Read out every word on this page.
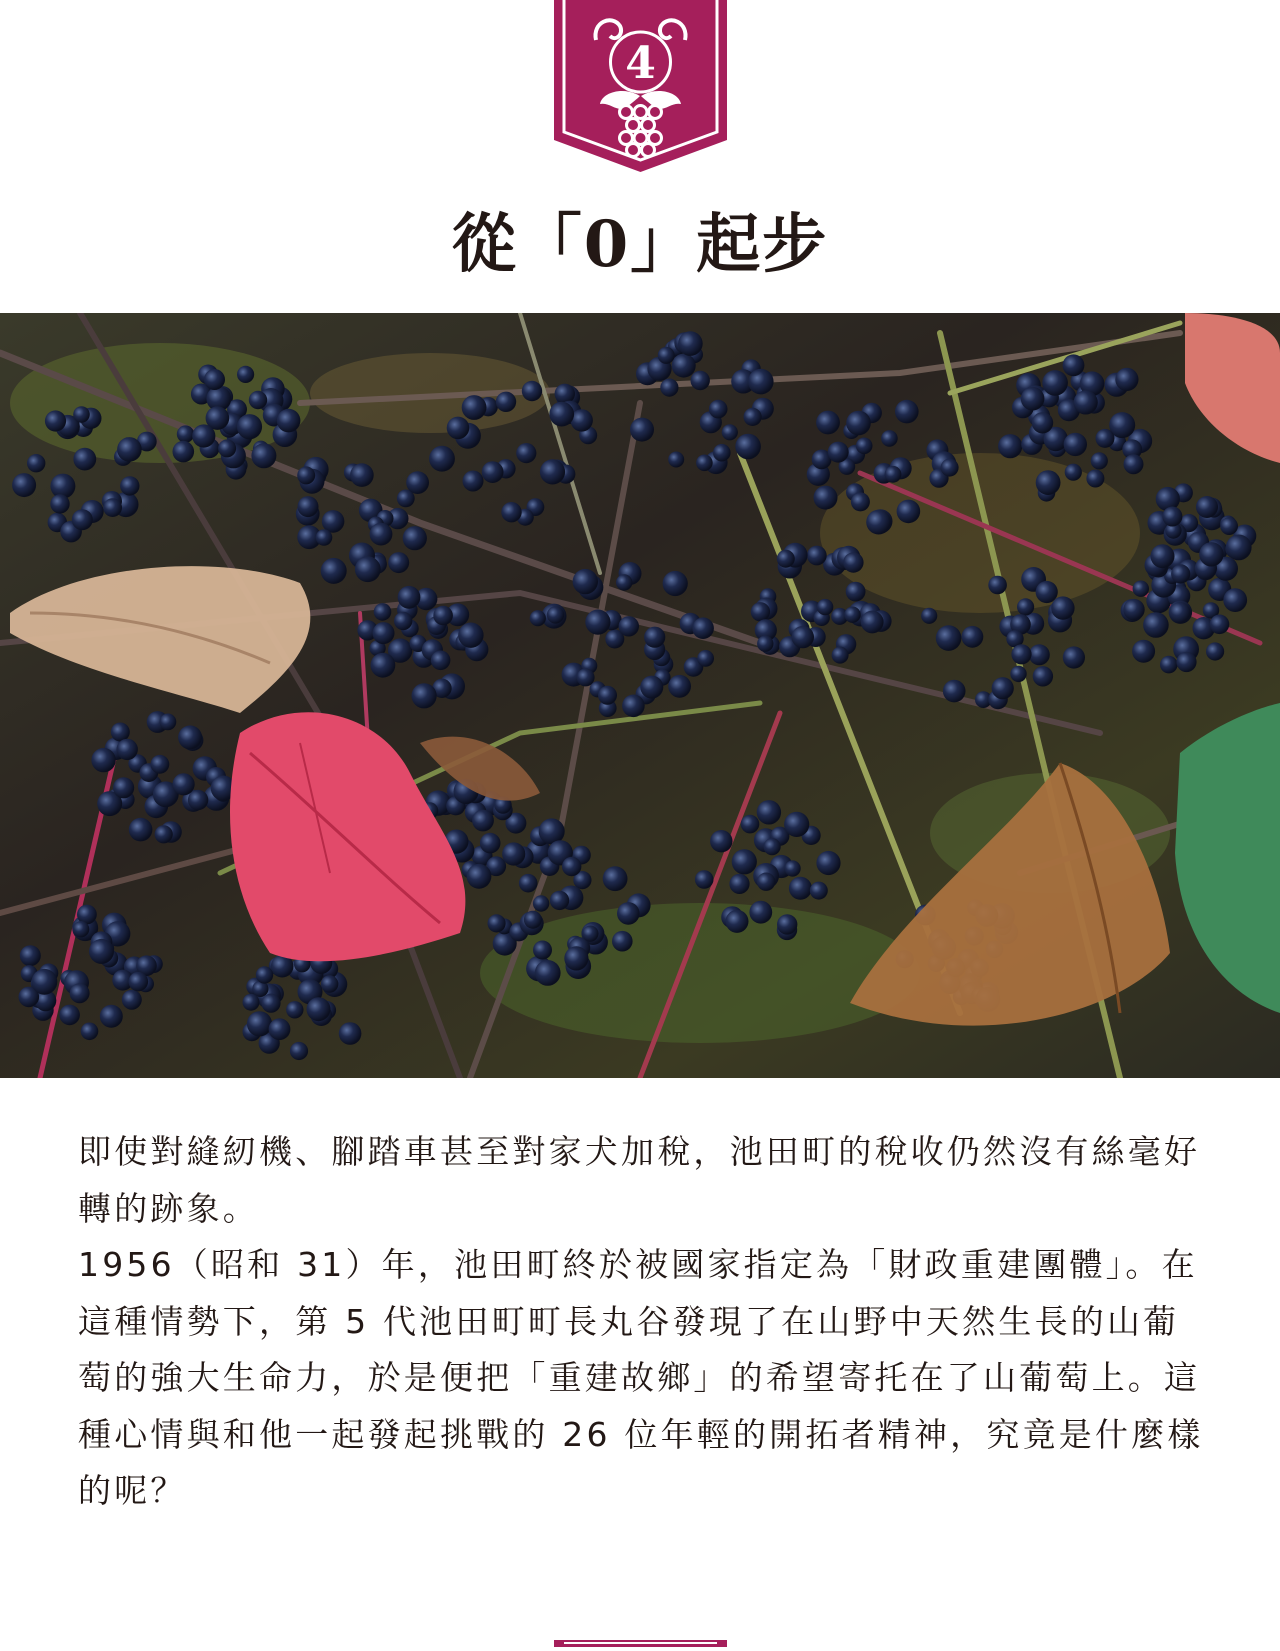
4
從「0」起步

即使對縫紉機、腳踏車甚至對家犬加稅，池田町的稅收仍然沒有絲毫好轉的跡象。

1956（昭和 31）年，池田町終於被國家指定為「財政重建團體」。在這種情勢下，第 5 代池田町町長丸谷發現了在山野中天然生長的山葡萄的強大生命力，於是便把「重建故鄉」的希望寄托在了山葡萄上。這種心情與和他一起發起挑戰的 26 位年輕的開拓者精神，究竟是什麼樣的呢？
